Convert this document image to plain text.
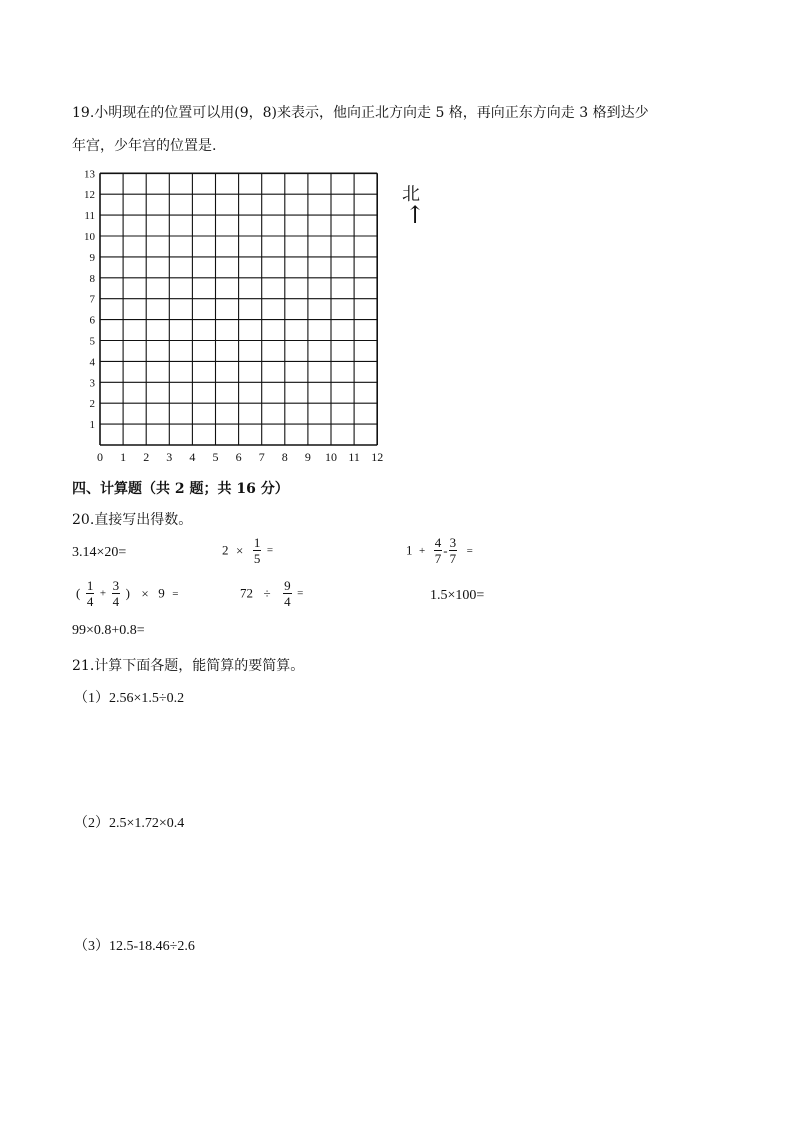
19.小明现在的位置可以用(9，8)来表示，他向正北方向走 5 格，再向正东方向走 3 格到达少
年宫，少年宫的位置是.
0 1 2 3 4 5 6 7 8 9 10 11 12
1
2
3
4
5
6
7
8
9
10
11
12
13
北
↑
四、计算题（共 2 题；共 16 分）
20.直接写出得数。
3.14×20=	$2 \times \frac{1}{5}$ =	$1 + \frac{4}{7} - \frac{3}{7}$ =
( $\frac{1}{4} + \frac{3}{4}$ ) × 9 =	$72 \div \frac{9}{4}$ =	1.5×100=
99×0.8+0.8=
21.计算下面各题，能简算的要简算。
（1）2.56×1.5÷0.2
（2）2.5×1.72×0.4
（3）12.5-18.46÷2.6
